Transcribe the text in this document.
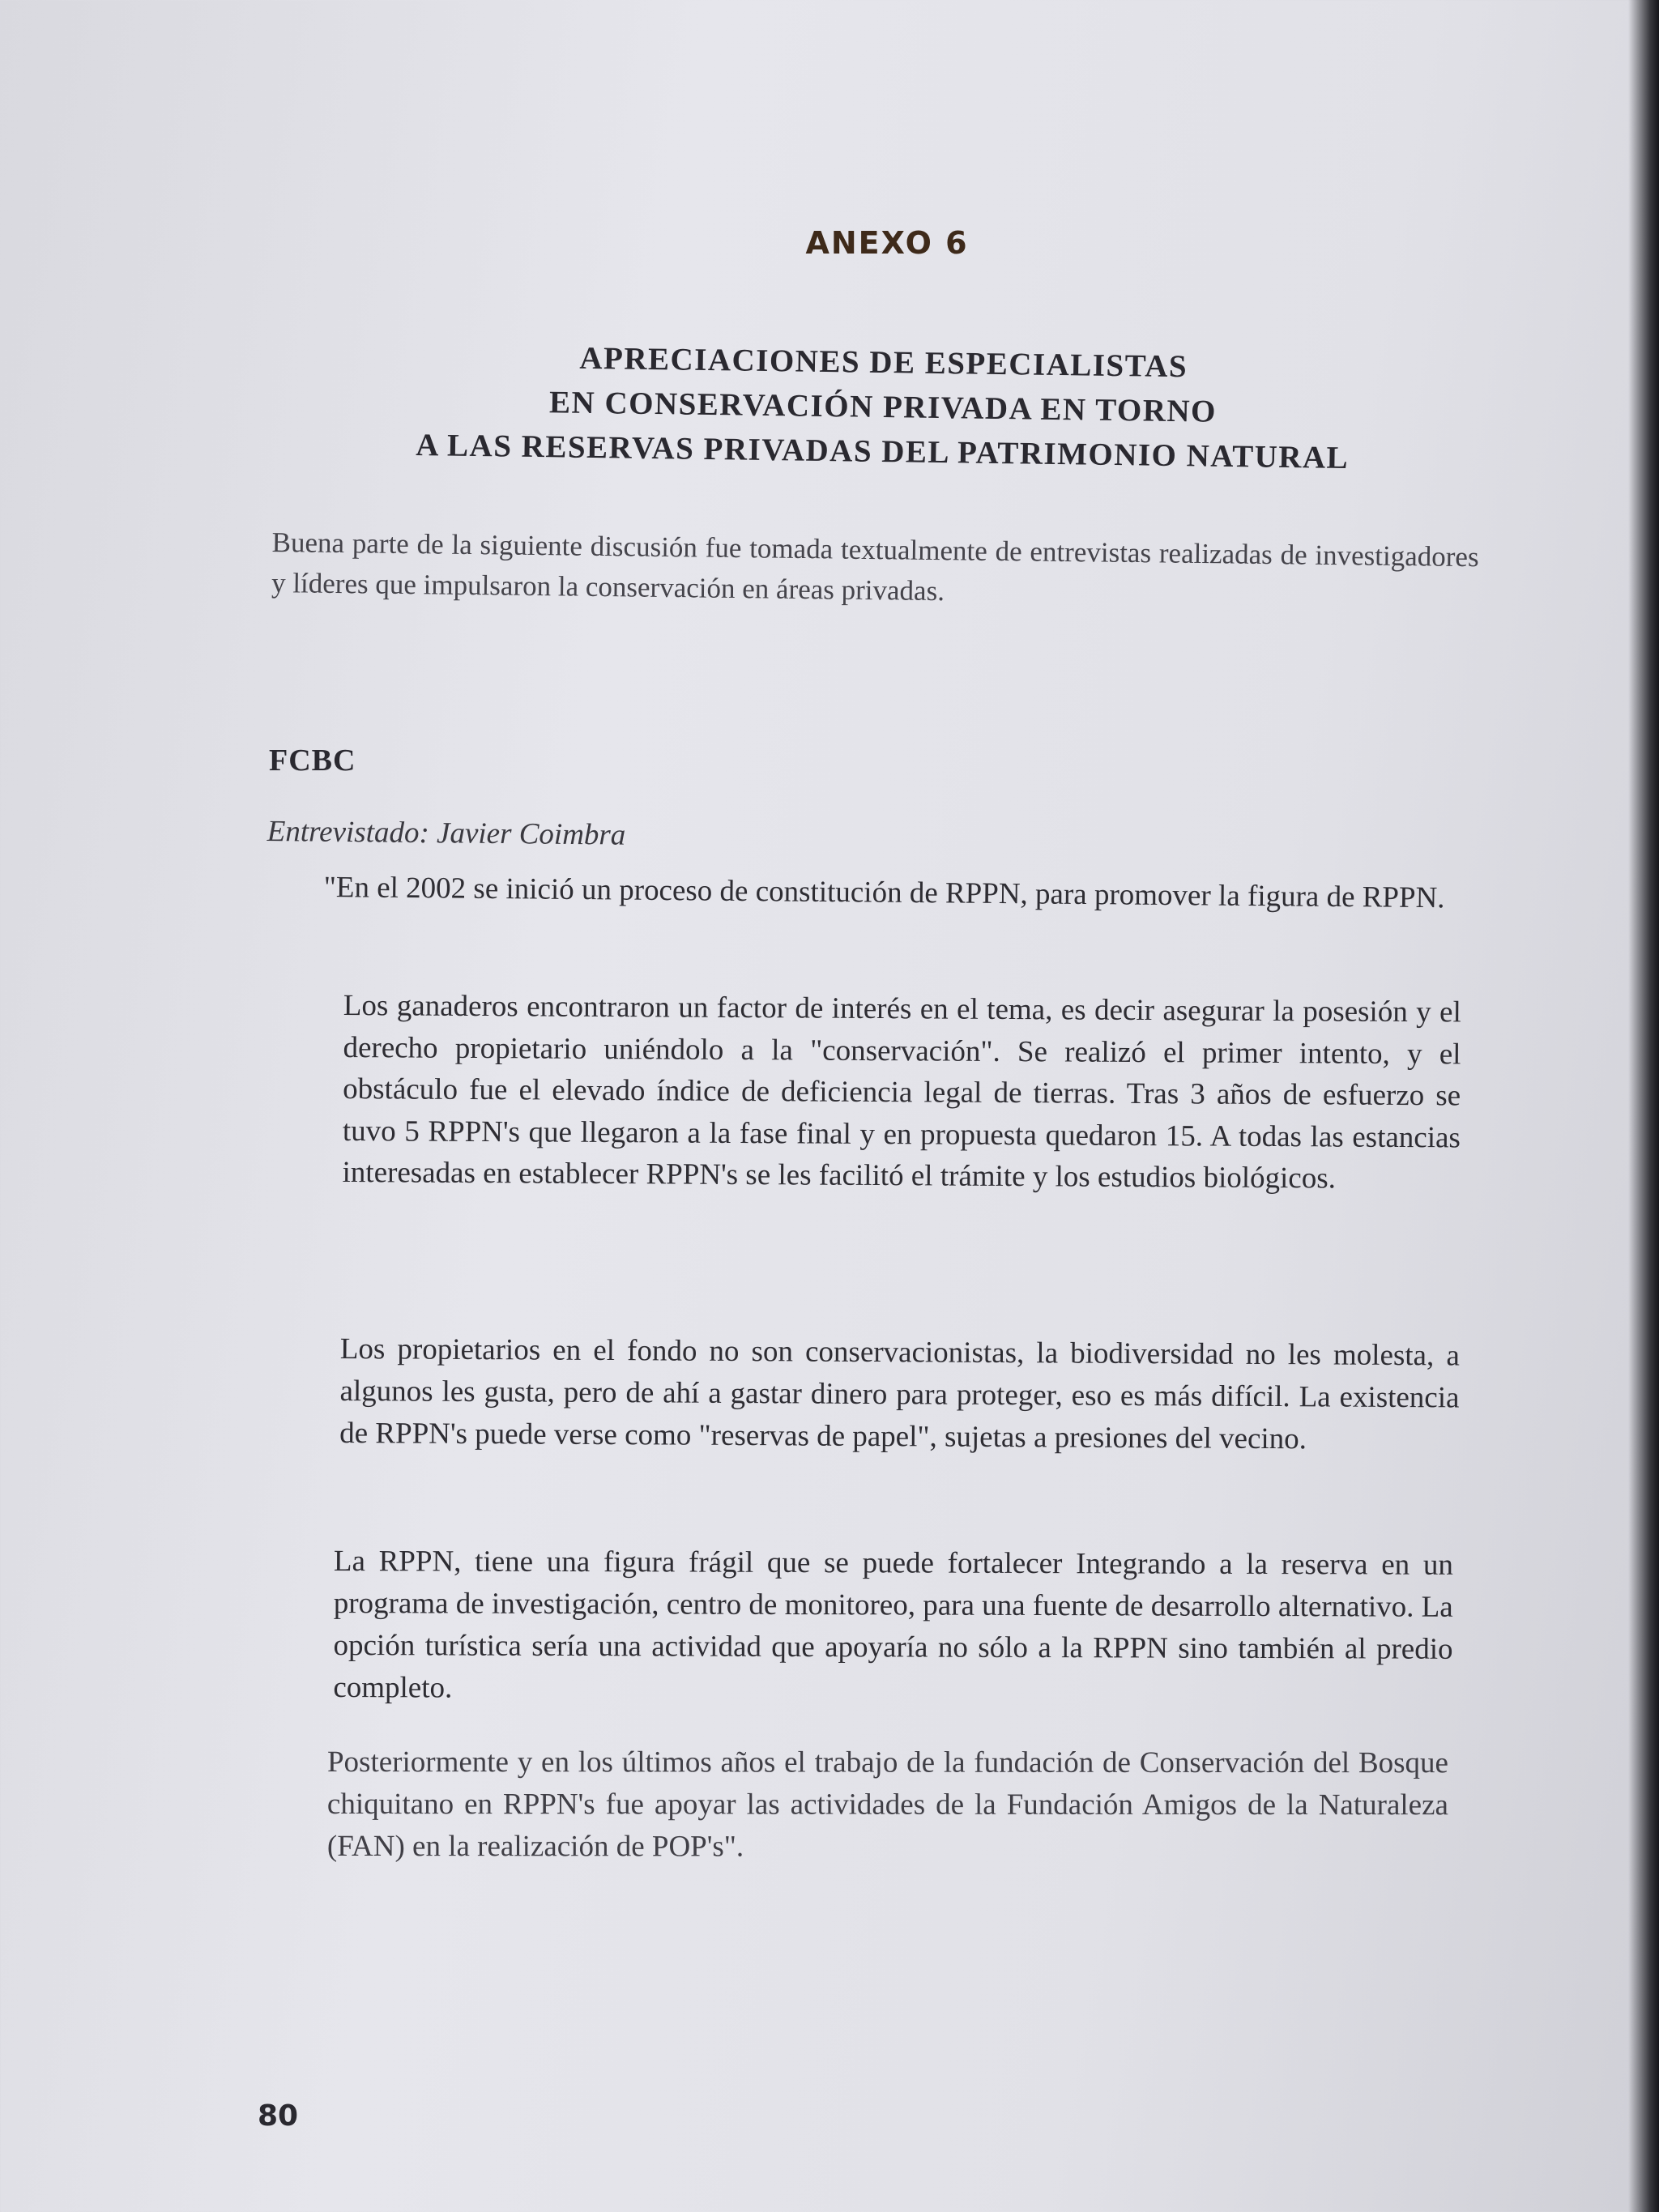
ANEXO 6
APRECIACIONES DE ESPECIALISTAS
EN CONSERVACIÓN PRIVADA EN TORNO
A LAS RESERVAS PRIVADAS DEL PATRIMONIO NATURAL

Buena parte de la siguiente discusión fue tomada textualmente de entrevistas realizadas de investigadores y líderes que impulsaron la conservación en áreas privadas.

FCBC

Entrevistado: Javier Coimbra

"En el 2002 se inició un proceso de constitución de RPPN, para promover la figura de RPPN.

Los ganaderos encontraron un factor de interés en el tema, es decir asegurar la posesión y el derecho propietario uniéndolo a la "conservación". Se realizó el primer intento, y el obstáculo fue el elevado índice de deficiencia legal de tierras. Tras 3 años de esfuerzo se tuvo 5 RPPN's que llegaron a la fase final y en propuesta quedaron 15. A todas las estancias interesadas en establecer RPPN's se les facilitó el trámite y los estudios biológicos.

Los propietarios en el fondo no son conservacionistas, la biodiversidad no les molesta, a algunos les gusta, pero de ahí a gastar dinero para proteger, eso es más difícil. La existencia de RPPN's puede verse como "reservas de papel", sujetas a presiones del vecino.

La RPPN, tiene una figura frágil que se puede fortalecer Integrando a la reserva en un programa de investigación, centro de monitoreo, para una fuente de desarrollo alternativo. La opción turística sería una actividad que apoyaría no sólo a la RPPN sino también al predio completo.

Posteriormente y en los últimos años el trabajo de la fundación de Conservación del Bosque chiquitano en RPPN's fue apoyar las actividades de la Fundación Amigos de la Naturaleza (FAN) en la realización de POP's".

80
